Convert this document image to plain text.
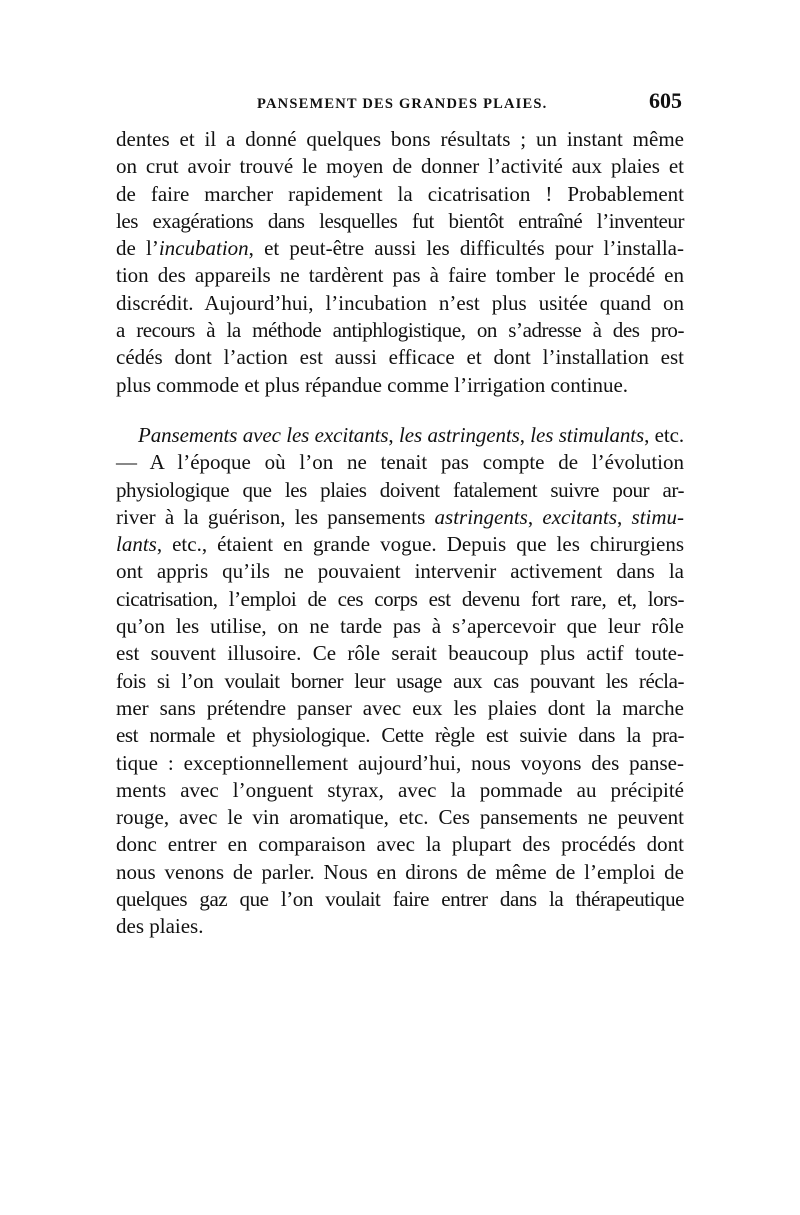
PANSEMENT DES GRANDES PLAIES.	605
dentes et il a donné quelques bons résultats ; un instant même
on crut avoir trouvé le moyen de donner l’activité aux plaies et
de faire marcher rapidement la cicatrisation ! Probablement
les exagérations dans lesquelles fut bientôt entraîné l’inventeur
de l’incubation, et peut-être aussi les difficultés pour l’installa-
tion des appareils ne tardèrent pas à faire tomber le procédé en
discrédit. Aujourd’hui, l’incubation n’est plus usitée quand on
a recours à la méthode antiphlogistique, on s’adresse à des pro-
cédés dont l’action est aussi efficace et dont l’installation est
plus commode et plus répandue comme l’irrigation continue.
Pansements avec les excitants, les astringents, les stimulants, etc.
— A l’époque où l’on ne tenait pas compte de l’évolution
physiologique que les plaies doivent fatalement suivre pour ar-
river à la guérison, les pansements astringents, excitants, stimu-
lants, etc., étaient en grande vogue. Depuis que les chirurgiens
ont appris qu’ils ne pouvaient intervenir activement dans la
cicatrisation, l’emploi de ces corps est devenu fort rare, et, lors-
qu’on les utilise, on ne tarde pas à s’apercevoir que leur rôle
est souvent illusoire. Ce rôle serait beaucoup plus actif toute-
fois si l’on voulait borner leur usage aux cas pouvant les récla-
mer sans prétendre panser avec eux les plaies dont la marche
est normale et physiologique. Cette règle est suivie dans la pra-
tique : exceptionnellement aujourd’hui, nous voyons des panse-
ments avec l’onguent styrax, avec la pommade au précipité
rouge, avec le vin aromatique, etc. Ces pansements ne peuvent
donc entrer en comparaison avec la plupart des procédés dont
nous venons de parler. Nous en dirons de même de l’emploi de
quelques gaz que l’on voulait faire entrer dans la thérapeutique
des plaies.
